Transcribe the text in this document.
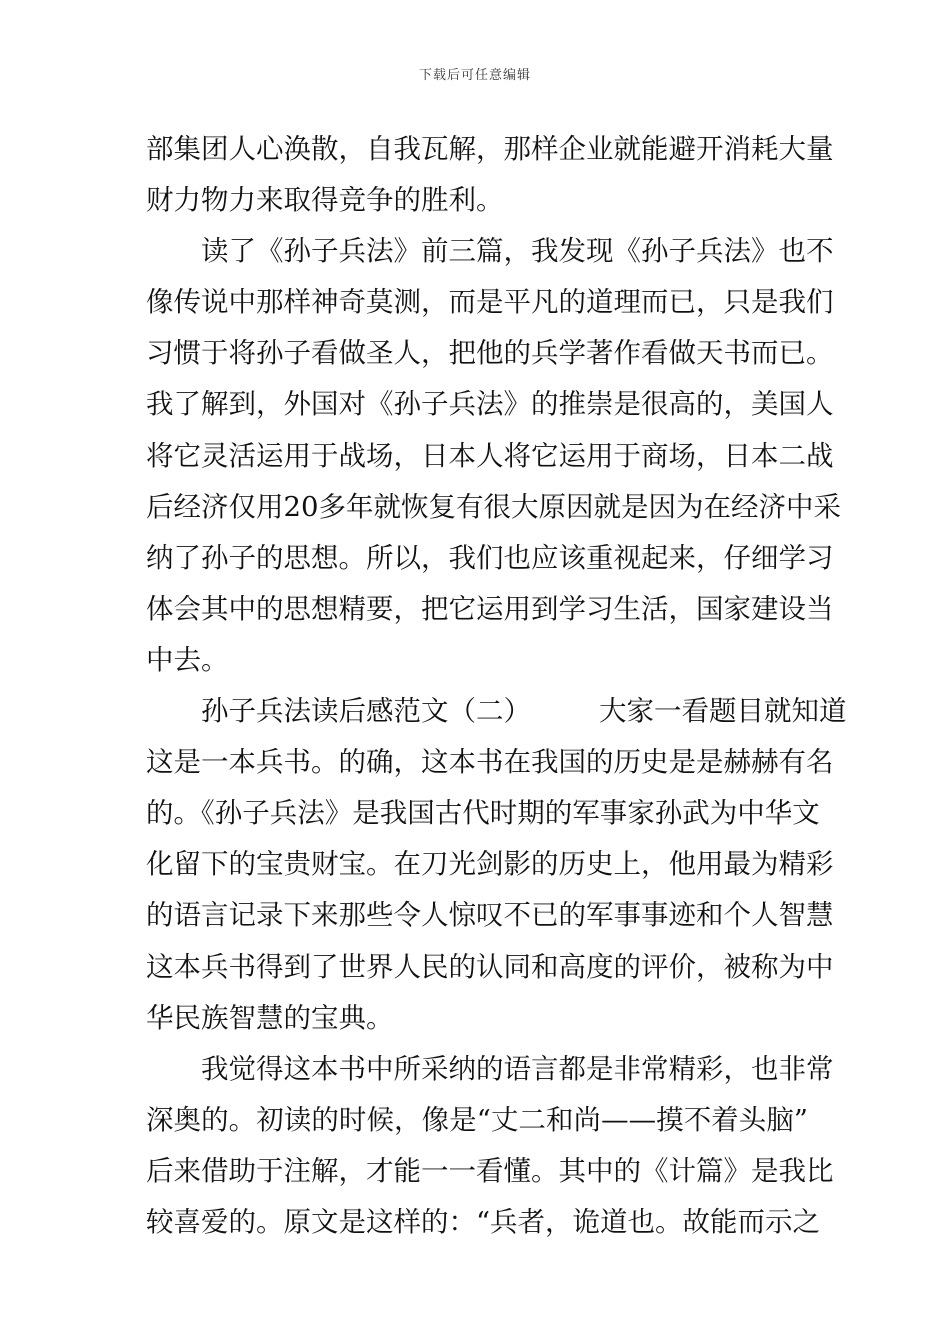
下载后可任意编辑
部集团人心涣散，自我瓦解，那样企业就能避开消耗大量
财力物力来取得竞争的胜利。
读了《孙子兵法》前三篇，我发现《孙子兵法》也不
像传说中那样神奇莫测，而是平凡的道理而已，只是我们
习惯于将孙子看做圣人，把他的兵学著作看做天书而已。
我了解到，外国对《孙子兵法》的推崇是很高的，美国人
将它灵活运用于战场，日本人将它运用于商场，日本二战
后经济仅用20多年就恢复有很大原因就是因为在经济中采
纳了孙子的思想。所以，我们也应该重视起来，仔细学习
体会其中的思想精要，把它运用到学习生活，国家建设当
中去。
孙子兵法读后感范文（二） 大家一看题目就知道
这是一本兵书。的确，这本书在我国的历史是是赫赫有名
的。《孙子兵法》是我国古代时期的军事家孙武为中华文
化留下的宝贵财宝。在刀光剑影的历史上，他用最为精彩
的语言记录下来那些令人惊叹不已的军事事迹和个人智慧
这本兵书得到了世界人民的认同和高度的评价，被称为中
华民族智慧的宝典。
我觉得这本书中所采纳的语言都是非常精彩，也非常
深奥的。初读的时候，像是“丈二和尚——摸不着头脑”
后来借助于注解，才能一一看懂。其中的《计篇》是我比
较喜爱的。原文是这样的：“兵者，诡道也。故能而示之
